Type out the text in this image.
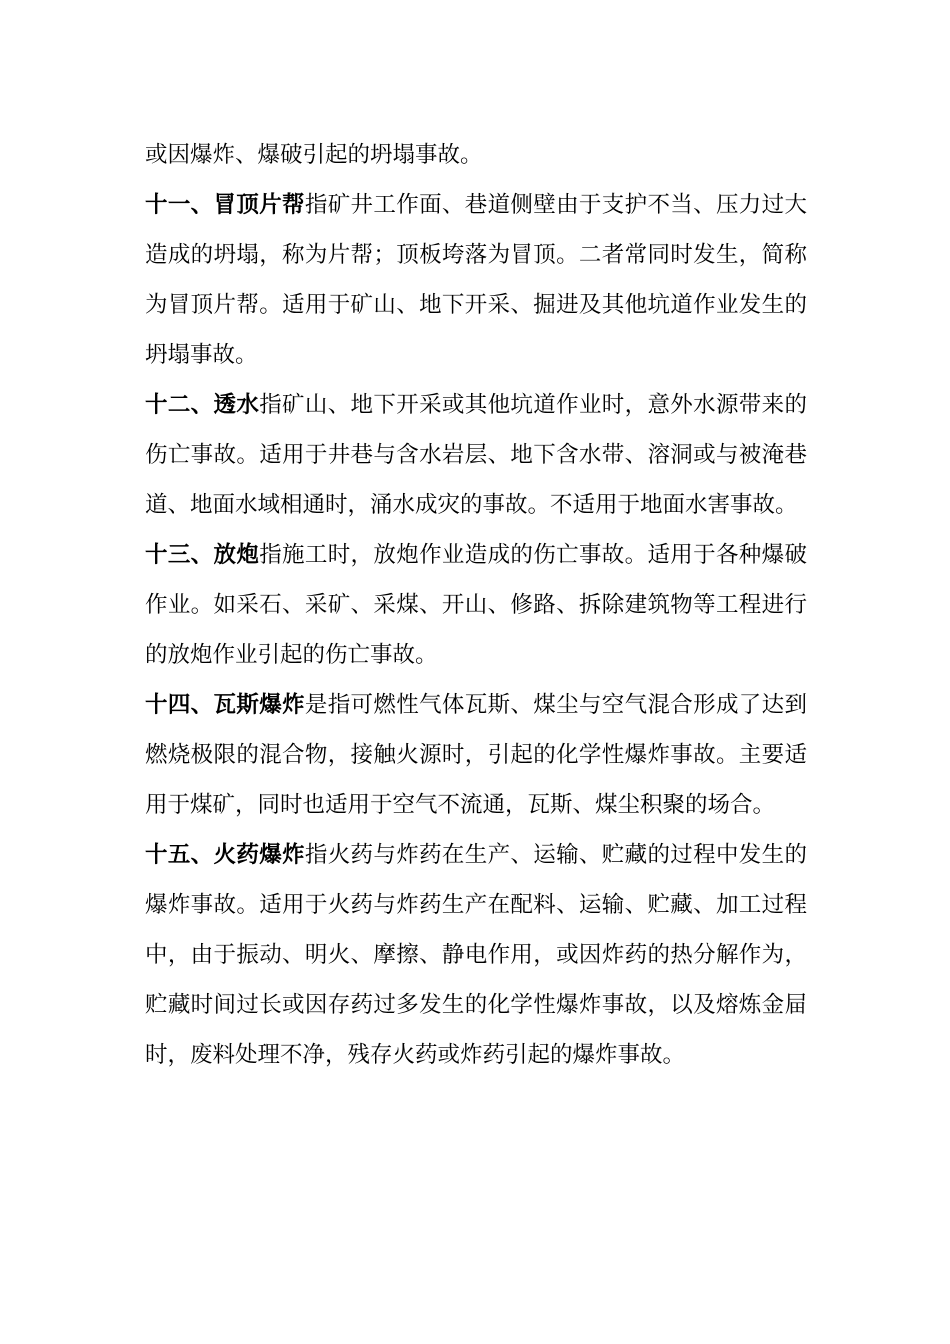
或因爆炸、爆破引起的坍塌事故。

十一、冒顶片帮指矿井工作面、巷道侧壁由于支护不当、压力过大造成的坍塌，称为片帮；顶板垮落为冒顶。二者常同时发生，简称为冒顶片帮。适用于矿山、地下开采、掘进及其他坑道作业发生的坍塌事故。

十二、透水指矿山、地下开采或其他坑道作业时，意外水源带来的伤亡事故。适用于井巷与含水岩层、地下含水带、溶洞或与被淹巷道、地面水域相通时，涌水成灾的事故。不适用于地面水害事故。

十三、放炮指施工时，放炮作业造成的伤亡事故。适用于各种爆破作业。如采石、采矿、采煤、开山、修路、拆除建筑物等工程进行的放炮作业引起的伤亡事故。

十四、瓦斯爆炸是指可燃性气体瓦斯、煤尘与空气混合形成了达到燃烧极限的混合物，接触火源时，引起的化学性爆炸事故。主要适用于煤矿，同时也适用于空气不流通，瓦斯、煤尘积聚的场合。

十五、火药爆炸指火药与炸药在生产、运输、贮藏的过程中发生的爆炸事故。适用于火药与炸药生产在配料、运输、贮藏、加工过程中，由于振动、明火、摩擦、静电作用，或因炸药的热分解作为，贮藏时间过长或因存药过多发生的化学性爆炸事故，以及熔炼金屇时，废料处理不净，残存火药或炸药引起的爆炸事故。
